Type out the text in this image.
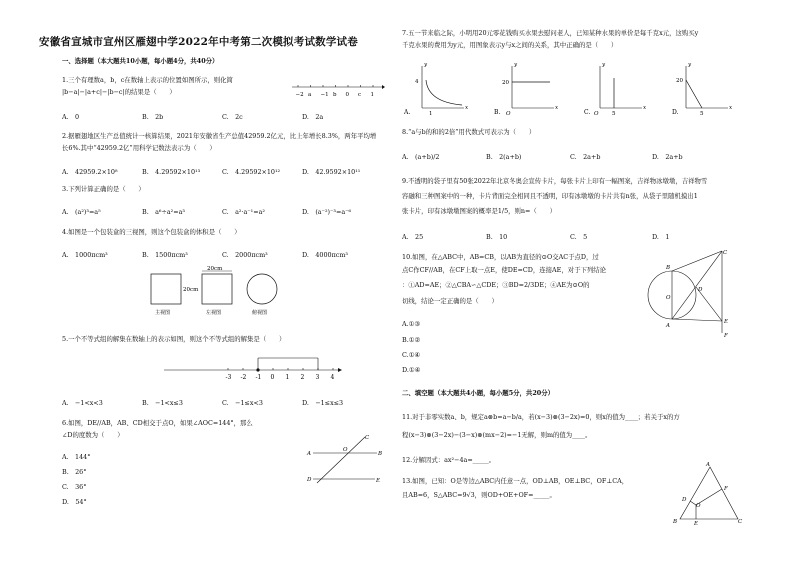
安徽省宣城市宣州区雁翅中学2022年中考第二次模拟考试数学试卷
一、选择题（本大题共10小题，每小题4分，共40分）
1.三个有理数a，b，c在数轴上表示的位置如图所示，则化简
|b−a|−|a+c|−|b−c|的结果是（　　）	−2 a −1 b 0 c 1
A.　0	B.　2b	C.　2c	D.　2a
2.据雁翅地区生产总值统计一核算结果，2021年安徽省生产总值42959.2亿元，比上年增长8.3%，两年平均增
长6%.其中“42959.2亿”用科学记数法表示为（　　）
A.　42959.2×10⁸	B.　4.29592×10¹³	C.　4.29592×10¹²	D.　42.9592×10¹¹
3.下列计算正确的是（　　）
A.　(a²)³=a⁵	B.　a⁶÷a²=a³	C.　a²·a⁻¹=a²	D.　(a⁻²)⁻³=a⁻⁶
4.如图是一个包装盒的三视图，则这个包装盒的体积是（　　）
A.　1000πcm³	B.　1500πcm³	C.　2000πcm³	D.　4000πcm³
20cm
20cm
主视图	左视图	俯视图
5.一个不等式组的解集在数轴上的表示如图，则这个不等式组的解集是（　　）
-3 -2 -1 0 1 2 3 4
A.　−1<x<3	B.　−1<x≤3	C.　−1≤x<3	D.　−1≤x≤3
6.如图，DE//AB，AB、CD相交于点O，如果∠AOC=144°，那么
∠D的度数为（　　）
A.　144°
B.　26°
C.　36°
D.　54°
A	B
C
D
O
E
7.五一节来临之际，小明用20元零花钱购买水果去慰问老人，已知某种水果的单价是每千克x元，这购买y
千克水果的费用为y元，用图象表示y与x之间的关系，其中正确的是（　　）
x
y
4
1
A.
x
y
20
O
B.
x
y
O 5
C.
x
y
20
5
D.
8.“a与b的和的2倍”用代数式可表示为（　　）
A.　(a+b)/2	B.　2(a+b)	C.　2a+b	D.　2a+b
9.不透明的袋子里有50张2022年北京冬奥会宣传卡片，每张卡片上印有一幅图案，吉祥物冰墩墩，吉祥物雪
容融和三种图案中的一种，卡片背面完全相同且不透明，印有冰墩墩的卡片共有n张，从袋子里随机摸出1
张卡片，印有冰墩墩图案的概率是1/5，则n=（　　）
A.　25	B.　10	C.　5	D.　1
10.如图，在△ABC中，AB=CB，以AB为直径的⊙O交AC于点D，过
点C作CF//AB，在CF上取一点E，使DE=CD，连接AE，对于下列结论
：①AD=AE；②△CBA∽△CDE；③BD=2/3DE；④AE为⊙O的
切线，结论一定正确的是（　　）
A.①③
B.①②
C.①④
D.①④
B
C
O
D
A
E
F
二、填空题（本大题共4小题，每小题5分，共20分）
11.对于非零实数a、b，规定a⊗b=a−b/a，若(x−3)⊗(3−2x)=0，则x的值为____；若关于x的方
程(x−3)⊗(3−2x)−(3−x)⊗(mx−2)=−1无解，则m的值为____。
12.分解因式：ax²−4a=_____。
13.如图，已知：O是等边△ABC内任意一点，OD⊥AB，OE⊥BC，OF⊥CA，
且AB=6，S△ABC=9√3，则OD+OE+OF=_____。
A
F
D
O
B	E	C
